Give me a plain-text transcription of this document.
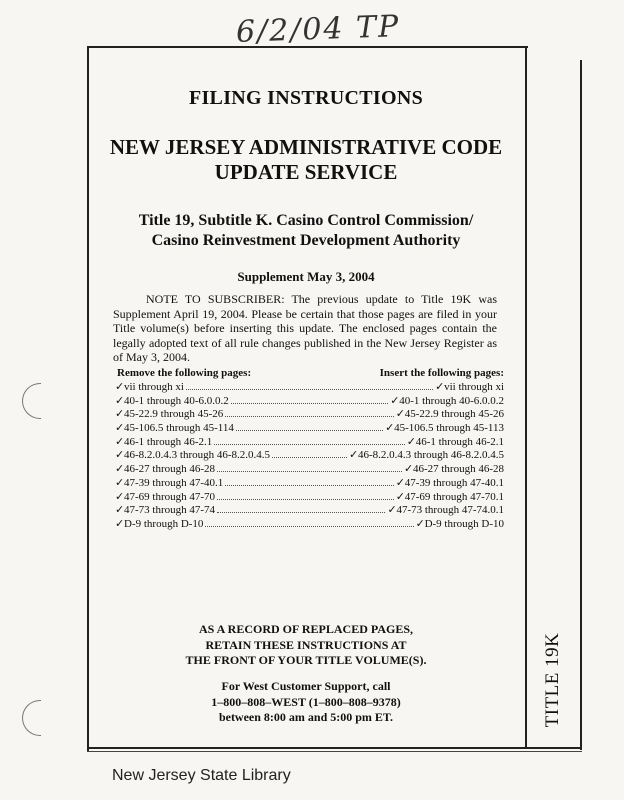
6/2/04 TP
TITLE 19K
FILING INSTRUCTIONS
NEW JERSEY ADMINISTRATIVE CODE
UPDATE SERVICE
Title 19, Subtitle K. Casino Control Commission/
Casino Reinvestment Development Authority
Supplement May 3, 2004
NOTE TO SUBSCRIBER: The previous update to Title 19K was Supplement April 19, 2004. Please be certain that those pages are filed in your Title volume(s) before inserting this update. The enclosed pages contain the legally adopted text of all rule changes published in the New Jersey Register as of May 3, 2004.
Remove the following pages:	Insert the following pages:
✓ vii through xi	✓ vii through xi
✓ 40-1 through 40-6.0.0.2	✓ 40-1 through 40-6.0.0.2
✓ 45-22.9 through 45-26	✓ 45-22.9 through 45-26
✓ 45-106.5 through 45-114	✓ 45-106.5 through 45-113
✓ 46-1 through 46-2.1	✓ 46-1 through 46-2.1
✓ 46-8.2.0.4.3 through 46-8.2.0.4.5	✓ 46-8.2.0.4.3 through 46-8.2.0.4.5
✓ 46-27 through 46-28	✓ 46-27 through 46-28
✓ 47-39 through 47-40.1	✓ 47-39 through 47-40.1
✓ 47-69 through 47-70	✓ 47-69 through 47-70.1
✓ 47-73 through 47-74	✓ 47-73 through 47-74.0.1
✓ D-9 through D-10	✓ D-9 through D-10
AS A RECORD OF REPLACED PAGES,
RETAIN THESE INSTRUCTIONS AT
THE FRONT OF YOUR TITLE VOLUME(S).
For West Customer Support, call
1–800–808–WEST (1–800–808–9378)
between 8:00 am and 5:00 pm ET.
New Jersey State Library
